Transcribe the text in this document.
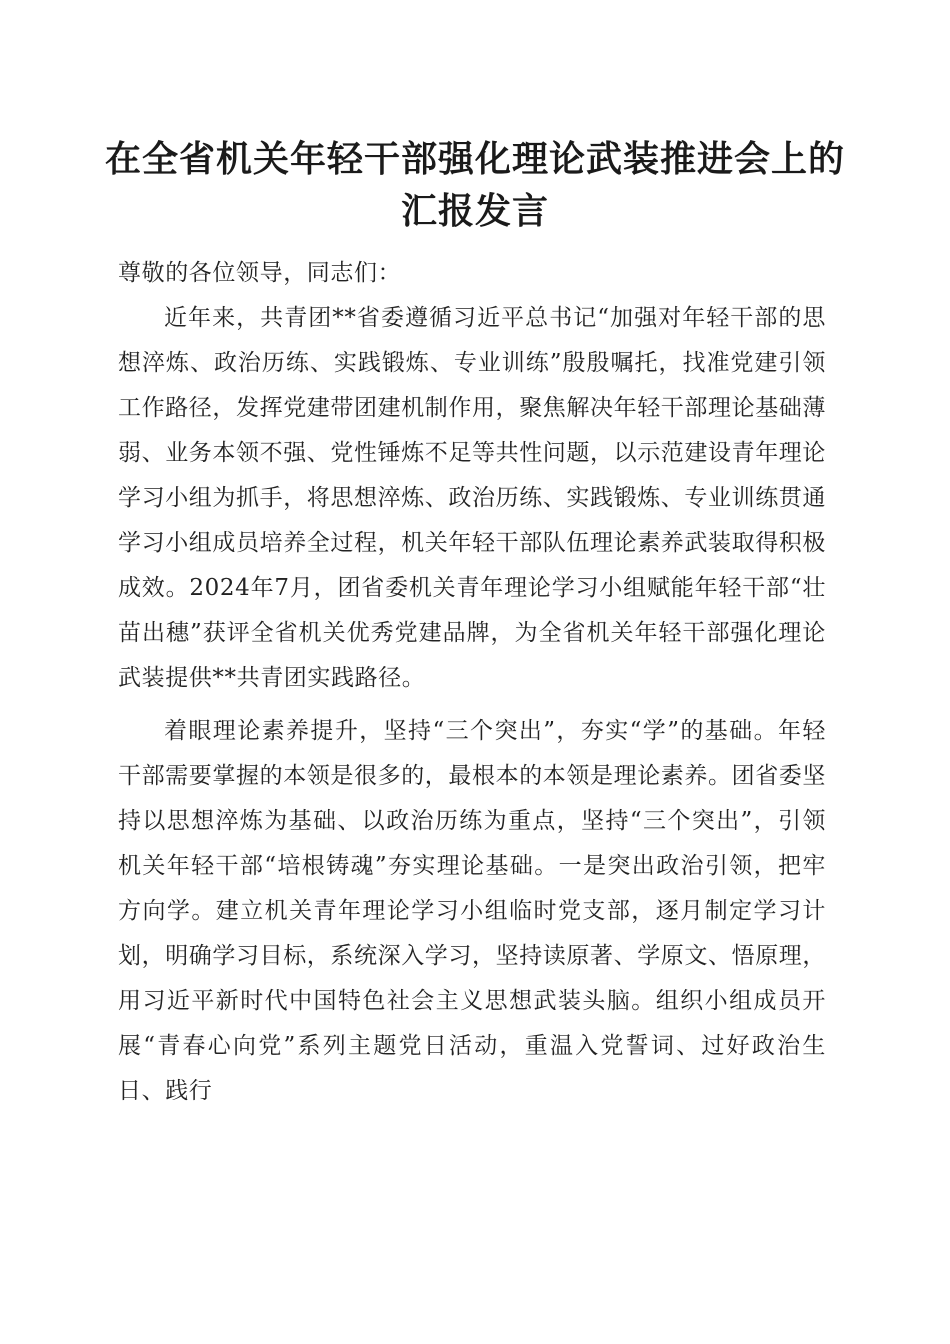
在全省机关年轻干部强化理论武装推进会上的
汇报发言

尊敬的各位领导，同志们：

近年来，共青团**省委遵循习近平总书记“加强对年轻干部的思想淬炼、政治历练、实践锻炼、专业训练”殷殷嘱托，找准党建引领工作路径，发挥党建带团建机制作用，聚焦解决年轻干部理论基础薄弱、业务本领不强、党性锤炼不足等共性问题，以示范建设青年理论学习小组为抓手，将思想淬炼、政治历练、实践锻炼、专业训练贯通学习小组成员培养全过程，机关年轻干部队伍理论素养武装取得积极成效。2024年7月，团省委机关青年理论学习小组赋能年轻干部“壮苗出穗”获评全省机关优秀党建品牌，为全省机关年轻干部强化理论武装提供**共青团实践路径。

着眼理论素养提升，坚持“三个突出”，夯实“学”的基础。年轻干部需要掌握的本领是很多的，最根本的本领是理论素养。团省委坚持以思想淬炼为基础、以政治历练为重点，坚持“三个突出”，引领机关年轻干部“培根铸魂”夯实理论基础。一是突出政治引领，把牢方向学。建立机关青年理论学习小组临时党支部，逐月制定学习计划，明确学习目标，系统深入学习，坚持读原著、学原文、悟原理，用习近平新时代中国特色社会主义思想武装头脑。组织小组成员开展“青春心向党”系列主题党日活动，重温入党誓词、过好政治生日、践行
